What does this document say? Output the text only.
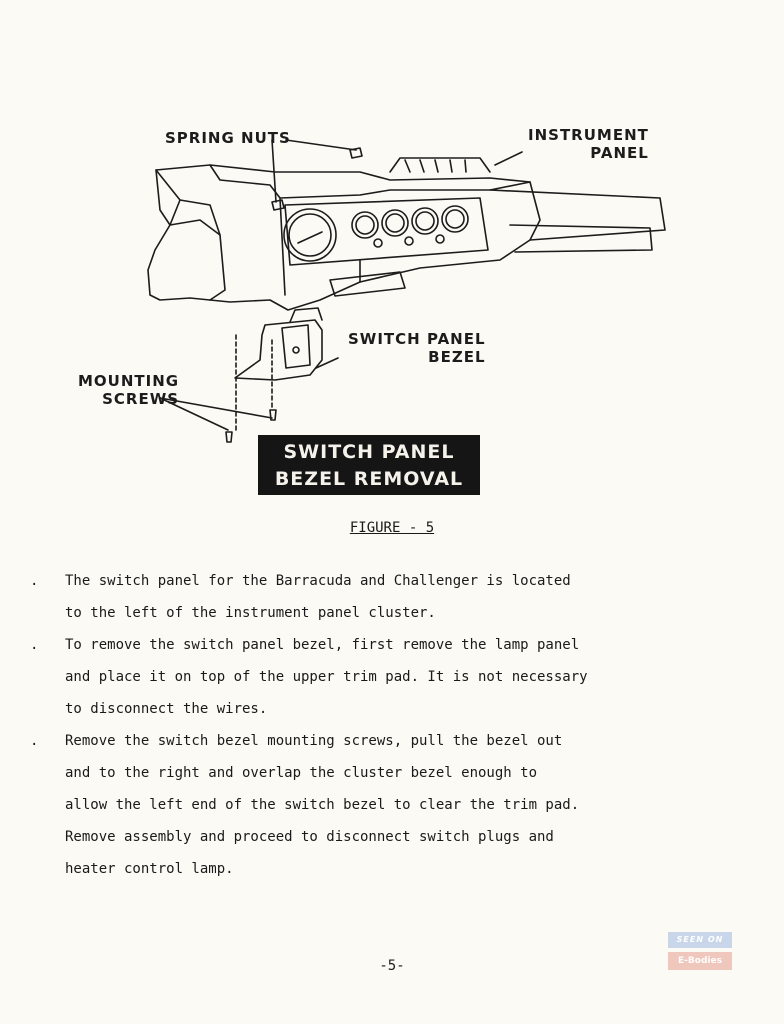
SPRING NUTS	INSTRUMENT
PANEL
SWITCH PANEL
BEZEL
MOUNTING
SCREWS
SWITCH PANEL
BEZEL REMOVAL
FIGURE - 5
. The switch panel for the Barracuda and Challenger is located
to the left of the instrument panel cluster.
. To remove the switch panel bezel, first remove the lamp panel
and place it on top of the upper trim pad. It is not necessary
to disconnect the wires.
. Remove the switch bezel mounting screws, pull the bezel out
and to the right and overlap the cluster bezel enough to
allow the left end of the switch bezel to clear the trim pad.
Remove assembly and proceed to disconnect switch plugs and
heater control lamp.
-5-
SEEN ON
E-Bodies
